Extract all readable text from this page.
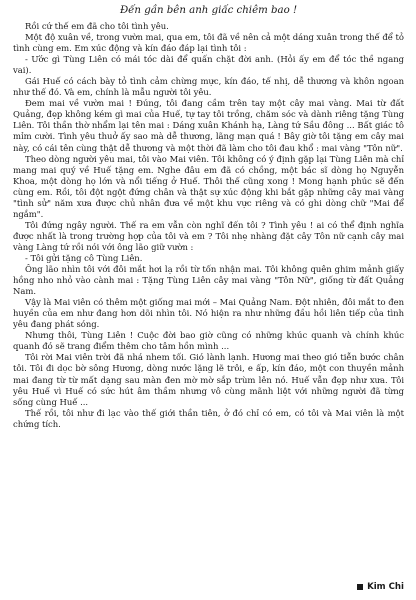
Đến gần bên anh giấc chiêm bao !

Rồi cứ thế em đã cho tôi tình yêu.

Một độ xuân về, trong vườn mai, qua em, tôi đã về nên cả một dáng xuân trong thế để tỏ tình cùng em. Em xúc động và kín đáo đáp lại tình tôi :

- Ước gì Tùng Liên có mái tóc dài để quấn chặt đời anh. (Hỏi ấy em để tóc thề ngang vai).

Gái Huế có cách bày tỏ tình cảm chừng mực, kín đáo, tế nhị, dễ thương và khôn ngoan như thế đó. Và em, chính là mẫu người tôi yêu.

Đem mai về vườn mai ! Đúng, tôi đang cầm trên tay một cây mai vàng. Mai từ đất Quảng, đẹp không kém gì mai của Huế, tự tay tôi trồng, chăm sóc và dành riêng tặng Tùng Liên. Tôi thần thờ nhẩm lại tên mai : Dáng xuân Khánh hạ, Làng tứ Sầu đông ... Bất giác tô mỉm cười. Tình yêu thuở ấy sao mà dễ thương, lãng mạn quá ! Bây giờ tôi tặng em cây mai này, có cái tên cùng thật dễ thương và một thời đã làm cho tôi đau khổ : mai vàng "Tôn nữ".

Theo dòng người yêu mai, tôi vào Mai viên. Tôi không có ý định gặp lại Tùng Liên mà chỉ mang mai quý về Huế tặng em. Nghe đâu em đã có chồng, một bác sĩ dòng họ Nguyễn Khoa, một dòng họ lớn và nổi tiếng ở Huế. Thôi thế cũng xong ! Mong hạnh phúc sẽ đến cùng em. Rồi, tôi đột ngột đứng chân và thật sự xúc động khi bắt gặp những cây mai vàng "tình sử" năm xưa được chủ nhân đưa về một khu vực riêng và có ghi dòng chữ "Mai để ngắm".

Tôi đứng ngây người. Thế ra em vẫn còn nghĩ đến tôi ? Tình yêu ! ai có thể định nghĩa được nhất là trong trường hợp của tôi và em ? Tôi nhẹ nhàng đặt cây Tôn nữ cạnh cây mai vàng Làng tứ rồi nói với ông lão giữ vườn :

- Tôi gửi tặng cô Tùng Liên.

Ông lão nhìn tôi với đôi mắt hơi lạ rồi từ tốn nhận mai. Tôi không quên ghim mảnh giấy hồng nho nhỏ vào cành mai : Tặng Tùng Liên cây mai vàng "Tôn Nữ", giống từ đất Quảng Nam.

Vậy là Mai viên có thêm một giống mai mới – Mai Quảng Nam. Đột nhiên, đôi mắt to đen huyền của em như đang hơn dõi nhìn tôi. Nó hiện ra như những đầu hồi liên tiếp của tình yêu đang phát sóng.

Nhưng thôi, Tùng Liên ! Cuộc đời bao giờ cũng có những khúc quanh và chính khúc quanh đó sẽ trang điểm thêm cho tâm hồn mình ...

Tôi rời Mai viên trời đã nhá nhem tối. Gió lành lạnh. Hương mai theo gió tiễn bước chân tôi. Tôi đi dọc bờ sông Hương, dòng nước lặng lẽ trôi, e ấp, kín đáo, một con thuyền mảnh mai đang từ từ mất dạng sau màn đen mờ mờ sắp trùm lên nó. Huế vẫn đẹp như xưa. Tôi yêu Huế vì Huế có sức hút âm thầm nhưng vô cùng mãnh liệt với những người đã từng sống cùng Huế ...

Thế rồi, tôi như đi lạc vào thế giới thần tiên, ở đó chỉ có em, có tôi và Mai viên là một chứng tích.

Kim Chi
